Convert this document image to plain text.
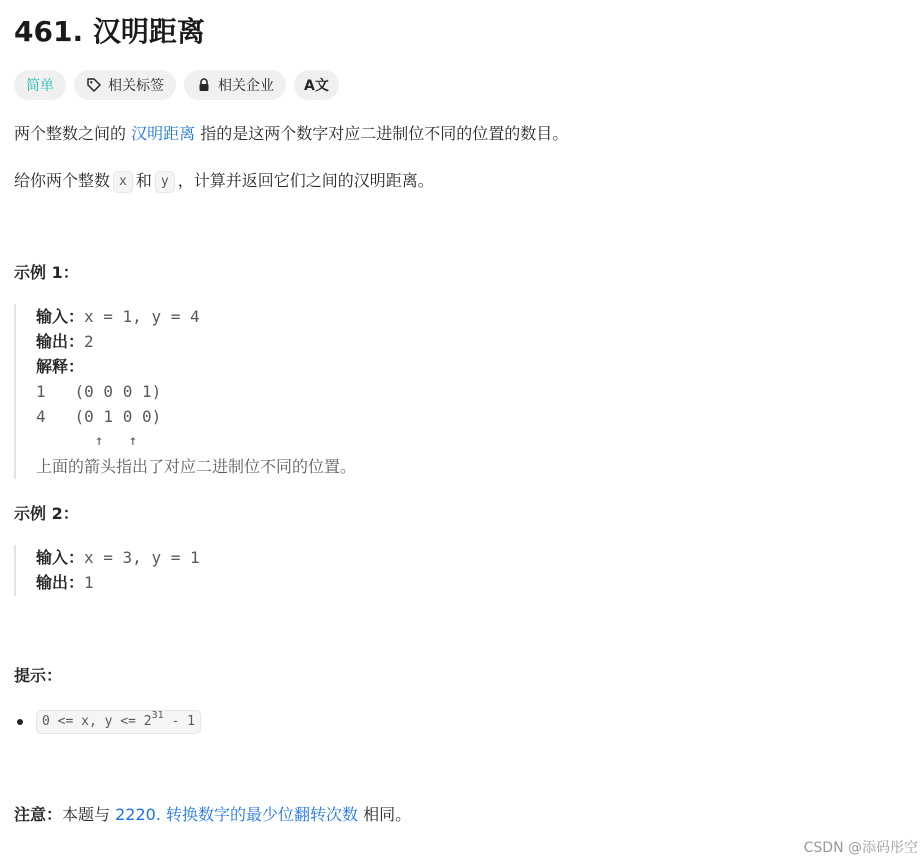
461. 汉明距离
简单	相关标签	相关企业 A文
两个整数之间的 汉明距离 指的是这两个数字对应二进制位不同的位置的数目。
给你两个整数 x 和 y ，计算并返回它们之间的汉明距离。
示例 1：
输入：x = 1, y = 4
输出：2
解释：
1   (0 0 0 1)
4   (0 1 0 0)
↑   ↑
上面的箭头指出了对应二进制位不同的位置。
示例 2：
输入：x = 3, y = 1
输出：1
提示：
0 <= x, $y <= 2^{31} - 1$
注意：本题与 2220. 转换数字的最少位翻转次数 相同。
CSDN @添码彤空
